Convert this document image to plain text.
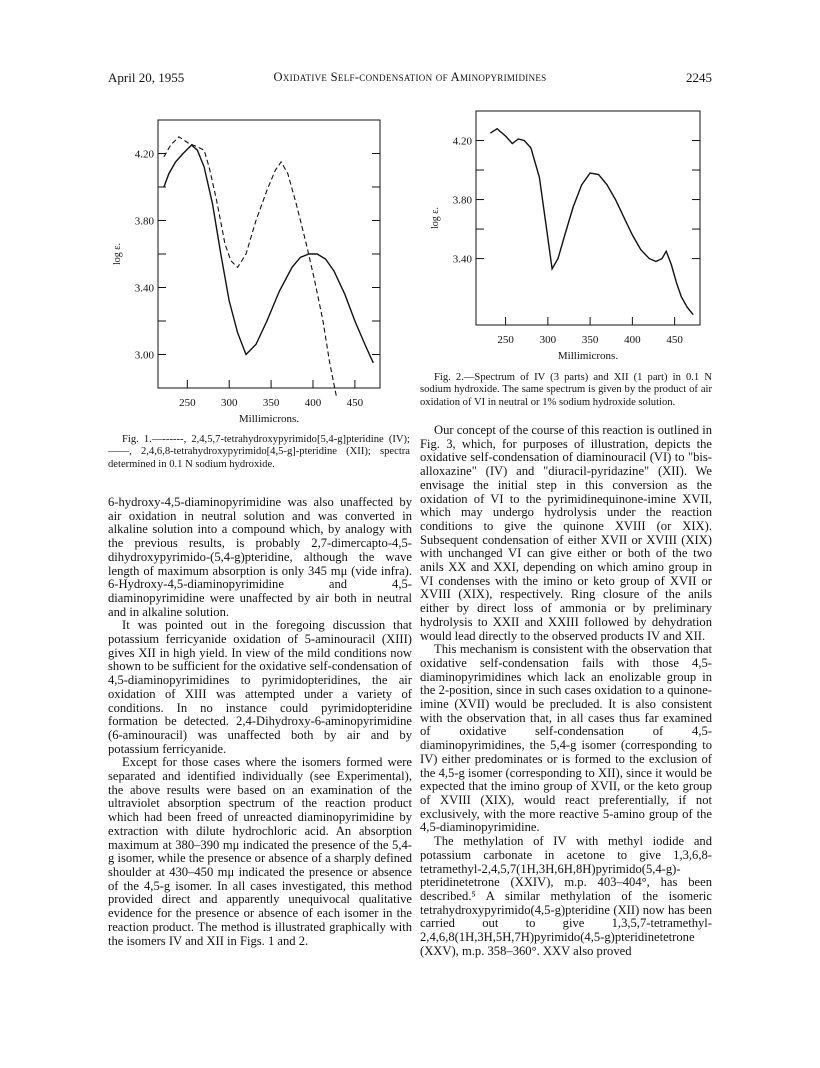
April 20, 1955	Oxidative Self-condensation of Aminopyrimidines	2245
250 300 350 400 450
4.20
3.80
3.40
3.00
log ε.
Millimicrons.
Fig. 1.—------, 2,4,5,7-tetrahydroxypyrimido[5,4-g]pteridine (IV); ——, 2,4,6,8-tetrahydroxypyrimido[4,5-g]-pteridine (XII); spectra determined in 0.1 N sodium hydroxide.
250 300 350 400 450
4.20
3.80
3.40
log ε.
Millimicrons.
Fig. 2.—Spectrum of IV (3 parts) and XII (1 part) in 0.1 N sodium hydroxide. The same spectrum is given by the product of air oxidation of VI in neutral or 1% sodium hydroxide solution.

6-hydroxy-4,5-diaminopyrimidine was also unaffected by air oxidation in neutral solution and was converted in alkaline solution into a compound which, by analogy with the previous results, is probably 2,7-dimercapto-4,5-dihydroxypyrimido-(5,4-g)pteridine, although the wave length of maximum absorption is only 345 mμ (vide infra). 6-Hydroxy-4,5-diaminopyrimidine and 4,5-diaminopyrimidine were unaffected by air both in neutral and in alkaline solution.

It was pointed out in the foregoing discussion that potassium ferricyanide oxidation of 5-aminouracil (XIII) gives XII in high yield. In view of the mild conditions now shown to be sufficient for the oxidative self-condensation of 4,5-diaminopyrimidines to pyrimidopteridines, the air oxidation of XIII was attempted under a variety of conditions. In no instance could pyrimidopteridine formation be detected. 2,4-Dihydroxy-6-aminopyrimidine (6-aminouracil) was unaffected both by air and by potassium ferricyanide.

Except for those cases where the isomers formed were separated and identified individually (see Experimental), the above results were based on an examination of the ultraviolet absorption spectrum of the reaction product which had been freed of unreacted diaminopyrimidine by extraction with dilute hydrochloric acid. An absorption maximum at 380–390 mμ indicated the presence of the 5,4-g isomer, while the presence or absence of a sharply defined shoulder at 430–450 mμ indicated the presence or absence of the 4,5-g isomer. In all cases investigated, this method provided direct and apparently unequivocal qualitative evidence for the presence or absence of each isomer in the reaction product. The method is illustrated graphically with the isomers IV and XII in Figs. 1 and 2.

Our concept of the course of this reaction is outlined in Fig. 3, which, for purposes of illustration, depicts the oxidative self-condensation of diaminouracil (VI) to "bis-alloxazine" (IV) and "diuracil-pyridazine" (XII). We envisage the initial step in this conversion as the oxidation of VI to the pyrimidinequinone-imine XVII, which may undergo hydrolysis under the reaction conditions to give the quinone XVIII (or XIX). Subsequent condensation of either XVII or XVIII (XIX) with unchanged VI can give either or both of the two anils XX and XXI, depending on which amino group in VI condenses with the imino or keto group of XVII or XVIII (XIX), respectively. Ring closure of the anils either by direct loss of ammonia or by preliminary hydrolysis to XXII and XXIII followed by dehydration would lead directly to the observed products IV and XII.

This mechanism is consistent with the observation that oxidative self-condensation fails with those 4,5-diaminopyrimidines which lack an enolizable group in the 2-position, since in such cases oxidation to a quinone-imine (XVII) would be precluded. It is also consistent with the observation that, in all cases thus far examined of oxidative self-condensation of 4,5-diaminopyrimidines, the 5,4-g isomer (corresponding to IV) either predominates or is formed to the exclusion of the 4,5-g isomer (corresponding to XII), since it would be expected that the imino group of XVII, or the keto group of XVIII (XIX), would react preferentially, if not exclusively, with the more reactive 5-amino group of the 4,5-diaminopyrimidine.

The methylation of IV with methyl iodide and potassium carbonate in acetone to give 1,3,6,8-tetramethyl-2,4,5,7(1H,3H,6H,8H)pyrimido(5,4-g)-pteridinetetrone (XXIV), m.p. 403–404°, has been described.⁵ A similar methylation of the isomeric tetrahydroxypyrimido(4,5-g)pteridine (XII) now has been carried out to give 1,3,5,7-tetramethyl-2,4,6,8(1H,3H,5H,7H)pyrimido(4,5-g)pteridinetetrone (XXV), m.p. 358–360°. XXV also proved
